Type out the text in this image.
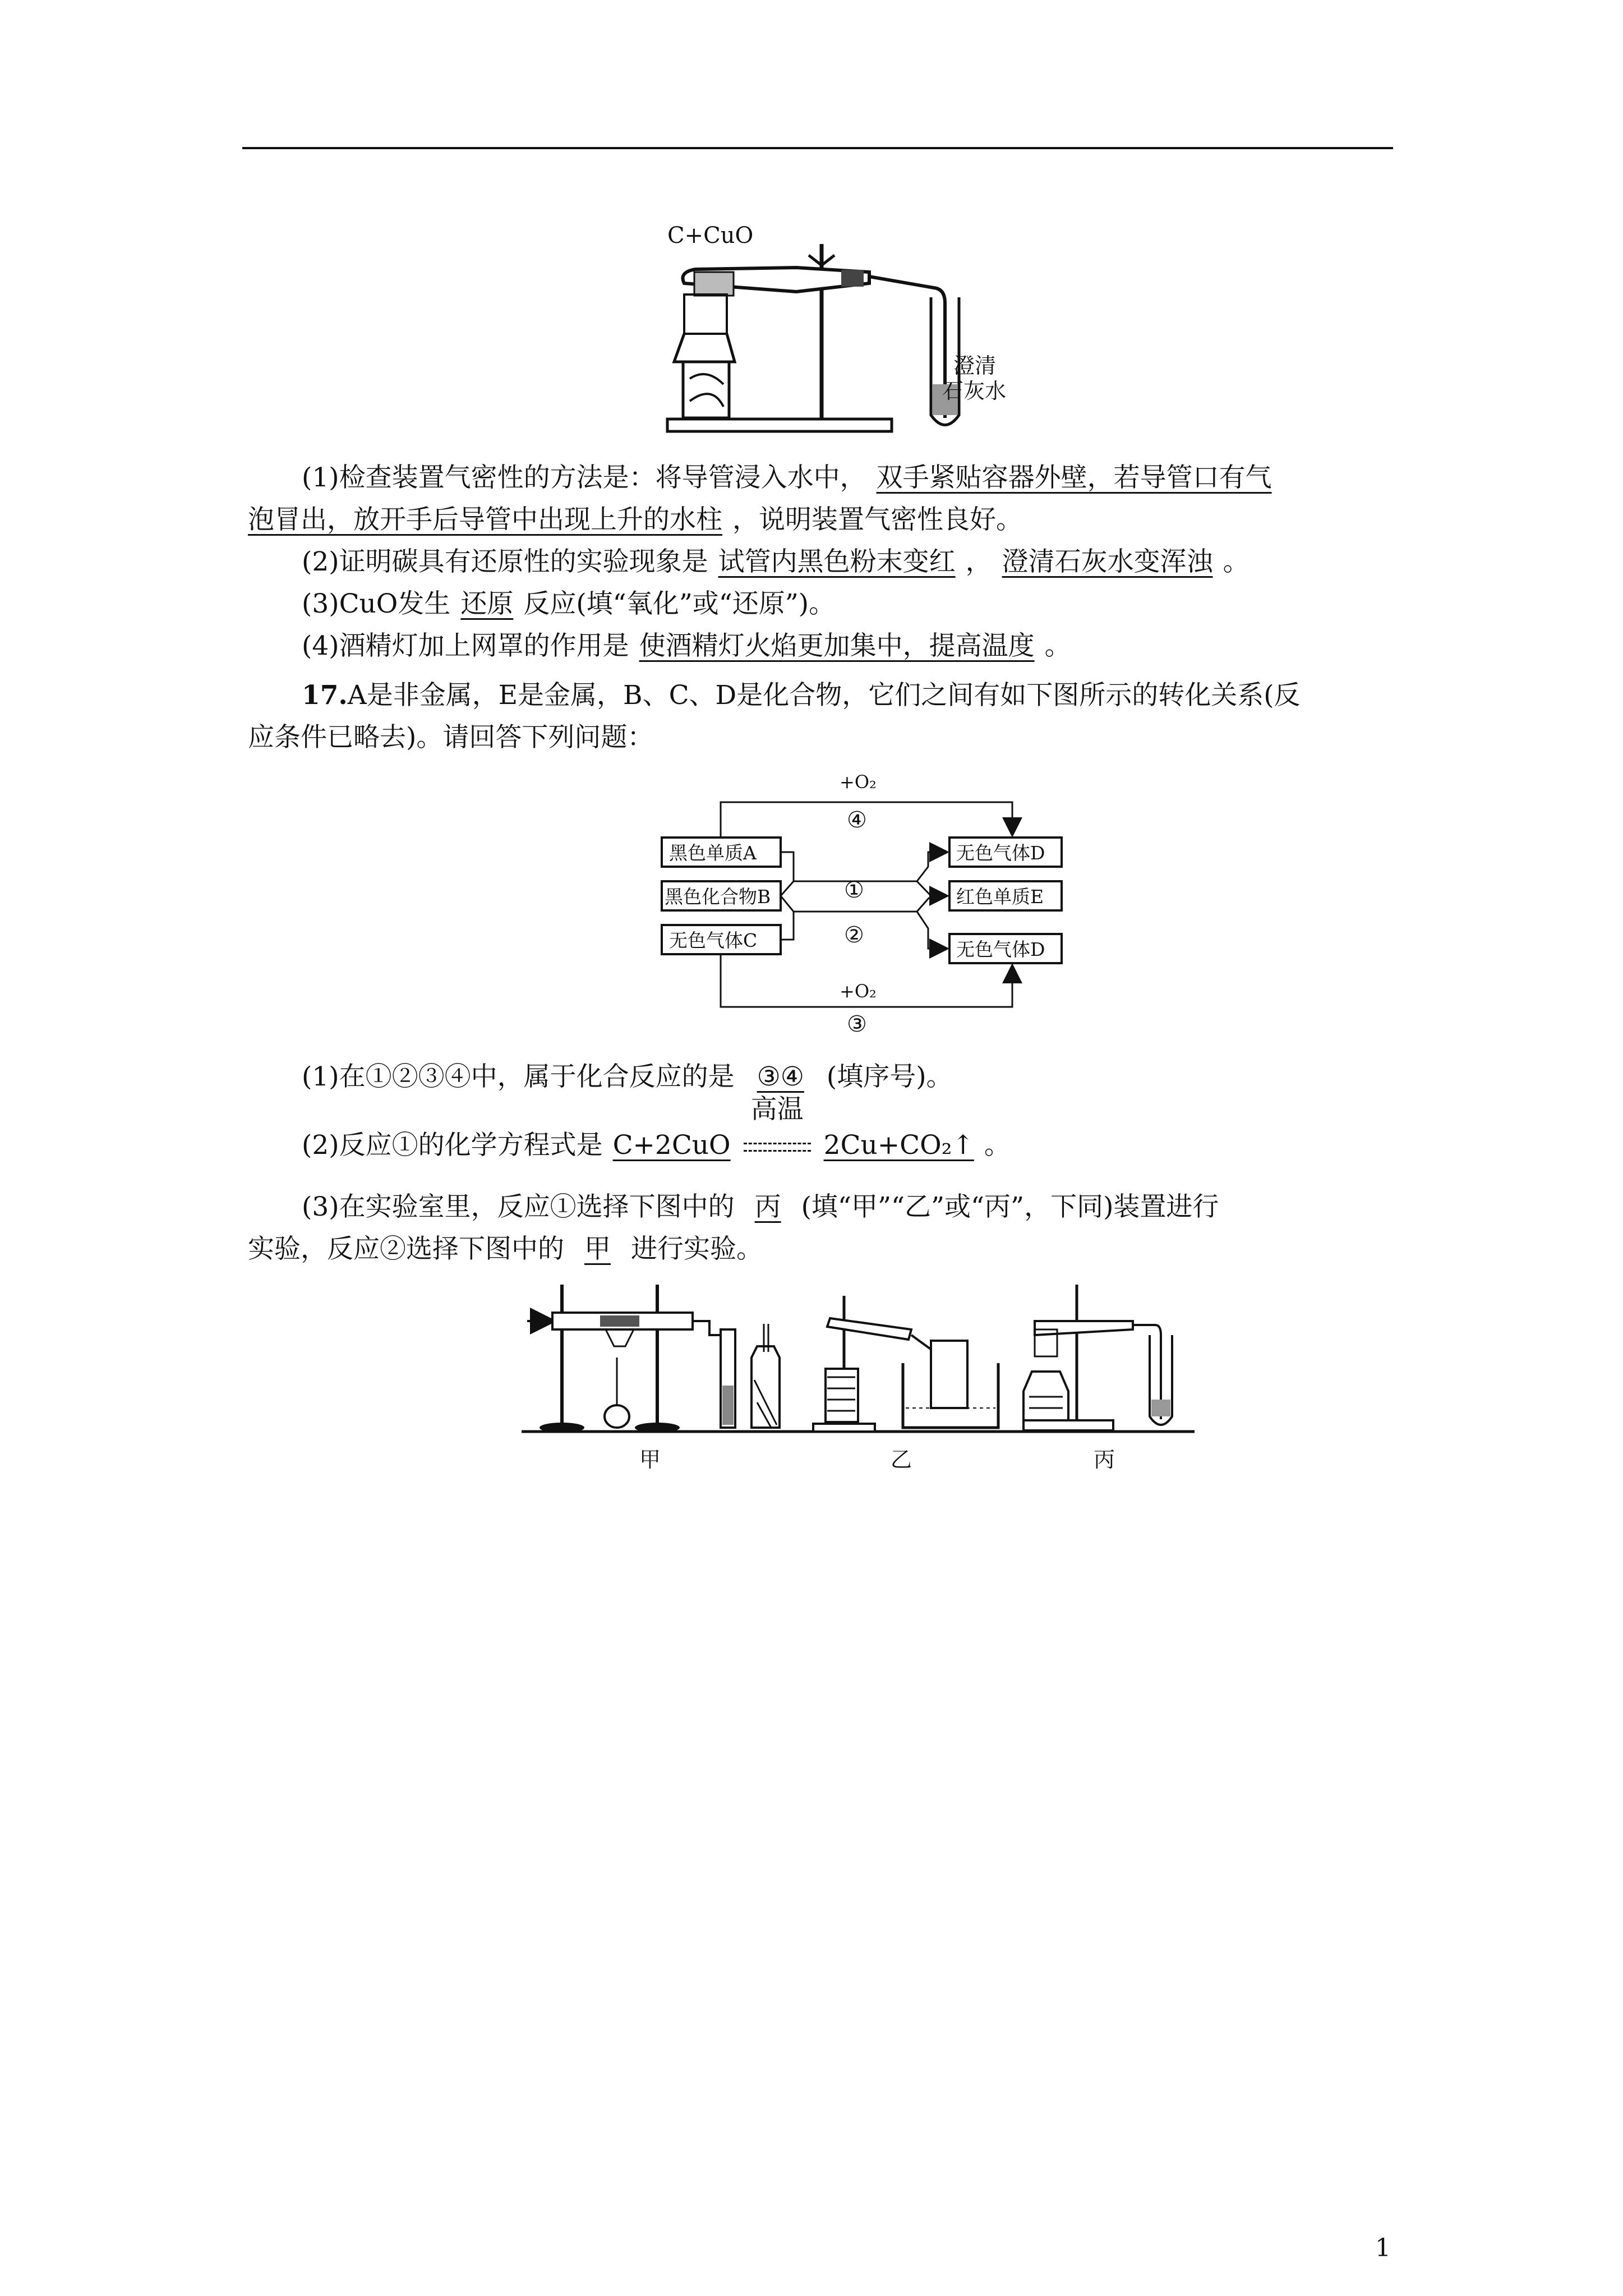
C+CuO
澄清
石灰水
(1)检查装置气密性的方法是：将导管浸入水中， 双手紧贴容器外壁，若导管口有气
泡冒出，放开手后导管中出现上升的水柱 ，说明装置气密性良好。
(2)证明碳具有还原性的实验现象是 试管内黑色粉末变红 ， 澄清石灰水变浑浊 。
(3)CuO发生 还原 反应(填“氧化”或“还原”)。
(4)酒精灯加上网罩的作用是 使酒精灯火焰更加集中，提高温度 。
17.A是非金属，E是金属，B、C、D是化合物，它们之间有如下图所示的转化关系(反
应条件已略去)。请回答下列问题：
黑色单质A
黑色化合物B
无色气体C
无色气体D
红色单质E
无色气体D
+O₂
④
+O₂
③
①
②
(1)在①②③④中，属于化合反应的是 ③④ (填序号)。
(2)反应①的化学方程式是 C+2CuO
高温
2Cu+CO₂↑ 。
(3)在实验室里，反应①选择下图中的 丙 (填“甲”“乙”或“丙”，下同)装置进行
实验，反应②选择下图中的 甲 进行实验。
甲	乙	丙
1
